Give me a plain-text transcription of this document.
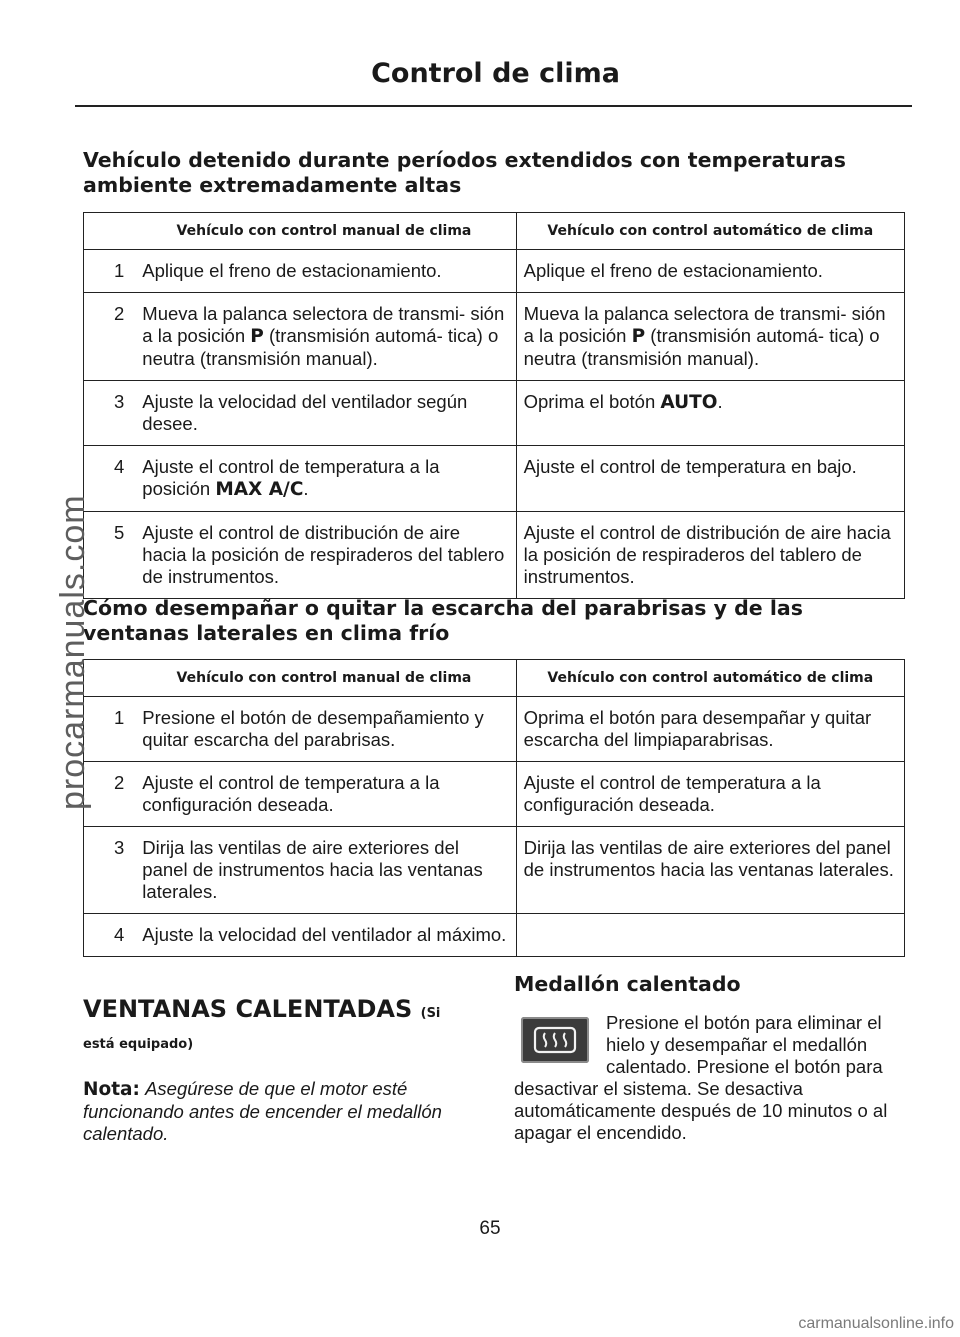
Control de clima
Vehículo detenido durante períodos extendidos con temperaturas ambiente extremadamente altas
	Vehículo con control manual de clima	Vehículo con control automático de clima
1	Aplique el freno de estacionamiento.	Aplique el freno de estacionamiento.
2	Mueva la palanca selectora de transmi- sión a la posición P (transmisión automá- tica) o neutra (transmisión manual).	Mueva la palanca selectora de transmi- sión a la posición P (transmisión automá- tica) o neutra (transmisión manual).
3	Ajuste la velocidad del ventilador según desee.	Oprima el botón AUTO.
4	Ajuste el control de temperatura a la posición MAX A/C.	Ajuste el control de temperatura en bajo.
5	Ajuste el control de distribución de aire hacia la posición de respiraderos del tablero de instrumentos.	Ajuste el control de distribución de aire hacia la posición de respiraderos del tablero de instrumentos.
Cómo desempañar o quitar la escarcha del parabrisas y de las ventanas laterales en clima frío
	Vehículo con control manual de clima	Vehículo con control automático de clima
1	Presione el botón de desempañamiento y quitar escarcha del parabrisas.	Oprima el botón para desempañar y quitar escarcha del limpiaparabrisas.
2	Ajuste el control de temperatura a la configuración deseada.	Ajuste el control de temperatura a la configuración deseada.
3	Dirija las ventilas de aire exteriores del panel de instrumentos hacia las ventanas laterales.	Dirija las ventilas de aire exteriores del panel de instrumentos hacia las ventanas laterales.
4	Ajuste la velocidad del ventilador al máximo.	
VENTANAS CALENTADAS (Si
está equipado)
Nota: Asegúrese de que el motor esté funcionando antes de encender el medallón calentado.
Medallón calentado
Presione el botón para eliminar el hielo y desempañar el medallón calentado. Presione el botón para desactivar el sistema. Se desactiva automáticamente después de 10 minutos o al apagar el encendido.
65
procarmanuals.com
carmanualsonline.info
